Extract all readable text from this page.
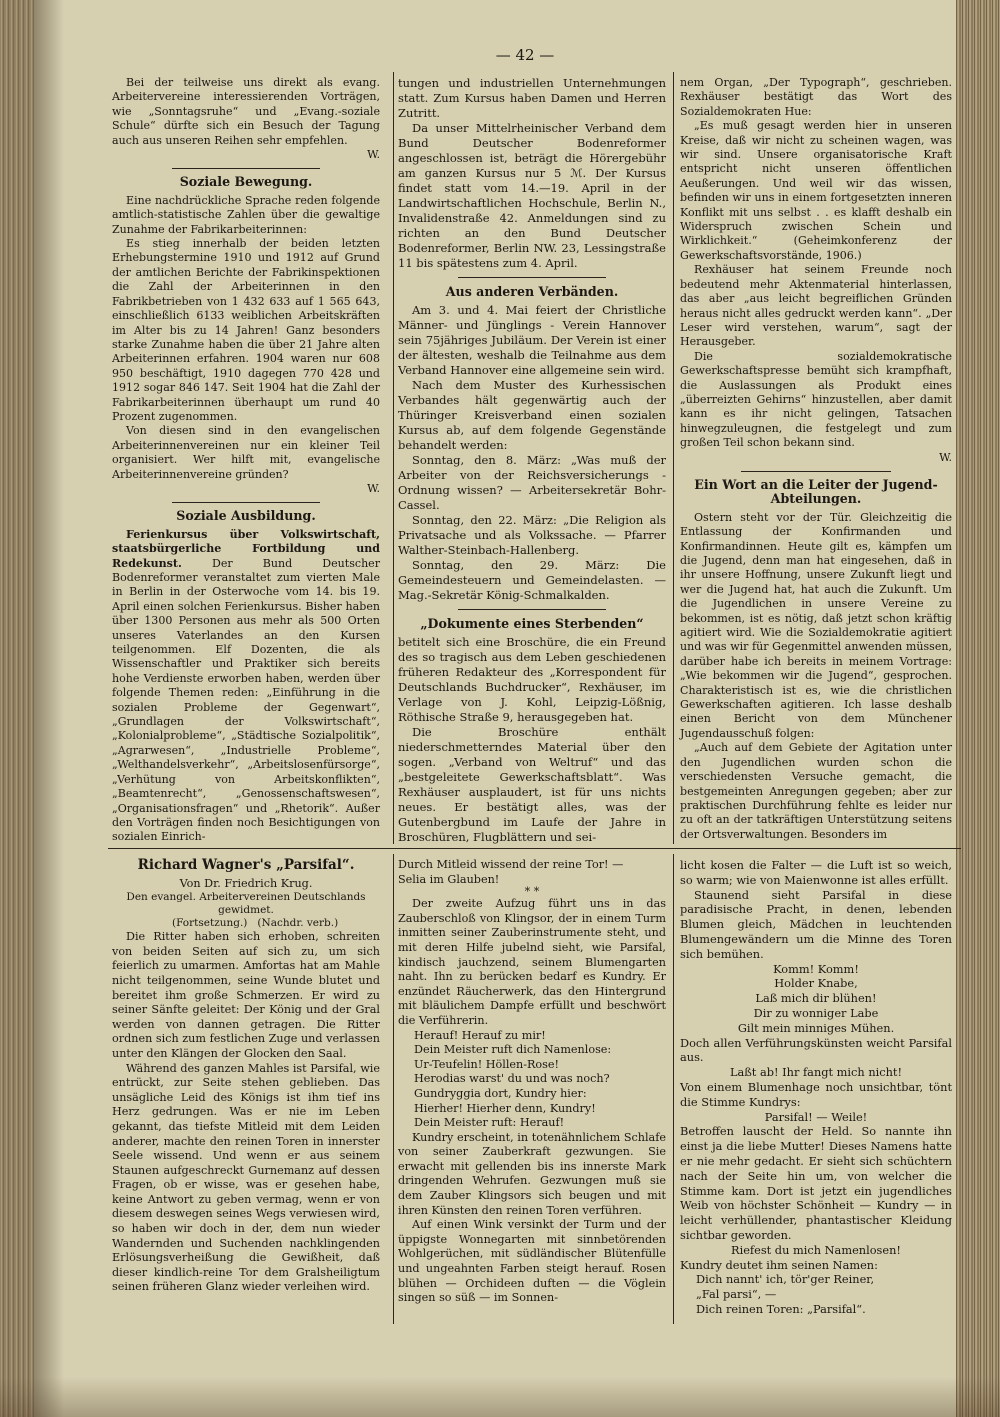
— 42 —

Bei der teilweise uns direkt als evang. Arbeitervereine interessierenden Vorträgen, wie „Sonntagsruhe“ und „Evang.-soziale Schule“ dürfte sich ein Besuch der Tagung auch aus unseren Reihen sehr empfehlen.

W.

Soziale Bewegung.

Eine nachdrückliche Sprache reden folgende amtlich-statistische Zahlen über die gewaltige Zunahme der Fabrikarbeiterinnen:

Es stieg innerhalb der beiden letzten Erhebungstermine 1910 und 1912 auf Grund der amtlichen Berichte der Fabrikinspektionen die Zahl der Arbeiterinnen in den Fabrikbetrieben von 1 432 633 auf 1 565 643, einschließlich 6133 weiblichen Arbeitskräften im Alter bis zu 14 Jahren! Ganz besonders starke Zunahme haben die über 21 Jahre alten Arbeiterinnen erfahren. 1904 waren nur 608 950 beschäftigt, 1910 dagegen 770 428 und 1912 sogar 846 147. Seit 1904 hat die Zahl der Fabrikarbeiterinnen überhaupt um rund 40 Prozent zugenommen.

Von diesen sind in den evangelischen Arbeiterinnenvereinen nur ein kleiner Teil organisiert. Wer hilft mit, evangelische Arbeiterinnenvereine gründen?

W.

Soziale Ausbildung.

Ferienkursus über Volkswirtschaft, staatsbürgerliche Fortbildung und Redekunst.	Der Bund Deutscher Bodenreformer veranstaltet zum vierten Male in Berlin in der Osterwoche vom 14. bis 19. April einen solchen Ferienkursus. Bisher haben über 1300 Personen aus mehr als 500 Orten unseres Vaterlandes an den Kursen teilgenommen. Elf Dozenten, die als Wissenschaftler und Praktiker sich bereits hohe Verdienste erworben haben, werden über folgende Themen reden: „Einführung in die sozialen Probleme der Gegenwart“, „Grundlagen der Volkswirtschaft“, „Kolonialprobleme“, „Städtische Sozialpolitik“, „Agrarwesen“, „Industrielle Probleme“, „Welthandelsverkehr“, „Arbeitslosenfürsorge“, „Verhütung von Arbeitskonflikten“, „Beamtenrecht“, „Genossenschaftswesen“, „Organisationsfragen“ und „Rhetorik“. Außer den Vorträgen finden noch Besichtigungen von sozialen Einrich-

tungen und industriellen Unternehmungen statt. Zum Kursus haben Damen und Herren Zutritt.

Da unser Mittelrheinischer Verband dem Bund Deutscher Bodenreformer angeschlossen ist, beträgt die Hörergebühr am ganzen Kursus nur 5 ℳ. Der Kursus findet statt vom 14.—19. April in der Landwirtschaftlichen Hochschule, Berlin N., Invalidenstraße 42. Anmeldungen sind zu richten an den Bund Deutscher Bodenreformer, Berlin NW. 23, Lessingstraße 11 bis spätestens zum 4. April.

Aus anderen Verbänden.

Am 3. und 4. Mai feiert der Christliche Männer- und Jünglings - Verein Hannover sein 75jähriges Jubiläum. Der Verein ist einer der ältesten, weshalb die Teilnahme aus dem Verband Hannover eine allgemeine sein wird.

Nach dem Muster des Kurhessischen Verbandes hält gegenwärtig auch der Thüringer Kreisverband einen sozialen Kursus ab, auf dem folgende Gegenstände behandelt werden:

Sonntag, den 8. März: „Was muß der Arbeiter von der Reichsversicherungs - Ordnung wissen? — Arbeitersekretär Bohr-Cassel.

Sonntag, den 22. März: „Die Religion als Privatsache und als Volkssache. — Pfarrer Walther-Steinbach-Hallenberg.

Sonntag, den 29. März: Die Gemeindesteuern und Gemeindelasten. — Mag.-Sekretär König-Schmalkalden.

„Dokumente eines Sterbenden“

betitelt sich eine Broschüre, die ein Freund des so tragisch aus dem Leben geschiedenen früheren Redakteur des „Korrespondent für Deutschlands Buchdrucker“, Rexhäuser, im Verlage von J. Kohl, Leipzig-Lößnig, Röthische Straße 9, herausgegeben hat.

Die Broschüre enthält niederschmetterndes Material über den sogen. „Verband von Weltruf“ und das „bestgeleitete Gewerkschaftsblatt“. Was Rexhäuser ausplaudert, ist für uns nichts neues. Er bestätigt alles, was der Gutenbergbund im Laufe der Jahre in Broschüren, Flugblättern und sei-

nem Organ, „Der Typograph“, geschrieben. Rexhäuser bestätigt das Wort des Sozialdemokraten Hue:

„Es muß gesagt werden hier in unseren Kreise, daß wir nicht zu scheinen wagen, was wir sind. Unsere organisatorische Kraft entspricht nicht unseren öffentlichen Aeußerungen. Und weil wir das wissen, befinden wir uns in einem fortgesetzten inneren Konflikt mit uns selbst . . es klafft deshalb ein Widerspruch zwischen Schein und Wirklichkeit.“ (Geheimkonferenz der Gewerkschaftsvorstände, 1906.)

Rexhäuser hat seinem Freunde noch bedeutend mehr Aktenmaterial hinterlassen, das aber „aus leicht begreiflichen Gründen heraus nicht alles gedruckt werden kann“. „Der Leser wird verstehen, warum“, sagt der Herausgeber.

Die sozialdemokratische Gewerkschaftspresse bemüht sich krampfhaft, die Auslassungen als Produkt eines „überreizten Gehirns“ hinzustellen, aber damit kann es ihr nicht gelingen, Tatsachen hinwegzuleugnen, die festgelegt und zum großen Teil schon bekann sind.

W.

Ein Wort an die Leiter der Jugend-Abteilungen.

Ostern steht vor der Tür. Gleichzeitig die Entlassung der Konfirmanden und Konfirmandinnen. Heute gilt es, kämpfen um die Jugend, denn man hat eingesehen, daß in ihr unsere Hoffnung, unsere Zukunft liegt und wer die Jugend hat, hat auch die Zukunft. Um die Jugendlichen in unsere Vereine zu bekommen, ist es nötig, daß jetzt schon kräftig agitiert wird. Wie die Sozialdemokratie agitiert und was wir für Gegenmittel anwenden müssen, darüber habe ich bereits in meinem Vortrage: „Wie bekommen wir die Jugend“, gesprochen. Charakteristisch ist es, wie die christlichen Gewerkschaften agitieren. Ich lasse deshalb einen Bericht von dem Münchener Jugendausschuß folgen:

„Auch auf dem Gebiete der Agitation unter den Jugendlichen wurden schon die verschiedensten Versuche gemacht, die bestgemeinten Anregungen gegeben; aber zur praktischen Durchführung fehlte es leider nur zu oft an der tatkräftigen Unterstützung seitens der Ortsverwaltungen. Besonders im

Richard Wagner's „Parsifal“.

Von Dr. Friedrich Krug.

Den evangel. Arbeitervereinen Deutschlands gewidmet.

(Fortsetzung.) (Nachdr. verb.)

Die Ritter haben sich erhoben, schreiten von beiden Seiten auf sich zu, um sich feierlich zu umarmen. Amfortas hat am Mahle nicht teilgenommen, seine Wunde blutet und bereitet ihm große Schmerzen. Er wird zu seiner Sänfte geleitet: Der König und der Gral werden von dannen getragen. Die Ritter ordnen sich zum festlichen Zuge und verlassen unter den Klängen der Glocken den Saal.

Während des ganzen Mahles ist Parsifal, wie entrückt, zur Seite stehen geblieben. Das unsägliche Leid des Königs ist ihm tief ins Herz gedrungen. Was er nie im Leben gekannt, das tiefste Mitleid mit dem Leiden anderer, machte den reinen Toren in innerster Seele wissend. Und wenn er aus seinem Staunen aufgeschreckt Gurnemanz auf dessen Fragen, ob er wisse, was er gesehen habe, keine Antwort zu geben vermag, wenn er von diesem deswegen seines Wegs verwiesen wird, so haben wir doch in der, dem nun wieder Wandernden und Suchenden nachklingenden Erlösungsverheißung die Gewißheit, daß dieser kindlich-reine Tor dem Gralsheiligtum seinen früheren Glanz wieder verleihen wird.

Durch Mitleid wissend der reine Tor! —

Selia im Glauben!

* *

Der zweite Aufzug führt uns in das Zauberschloß von Klingsor, der in einem Turm inmitten seiner Zauberinstrumente steht, und mit deren Hilfe jubelnd sieht, wie Parsifal, kindisch jauchzend, seinem Blumengarten naht. Ihn zu berücken bedarf es Kundry. Er enzündet Räucherwerk, das den Hintergrund mit bläulichem Dampfe erfüllt und beschwört die Verführerin.

Herauf! Herauf zu mir!

Dein Meister ruft dich Namenlose:

Ur-Teufelin! Höllen-Rose!

Herodias warst' du und was noch?

Gundryggia dort, Kundry hier:

Hierher! Hierher denn, Kundry!

Dein Meister ruft: Herauf!

Kundry erscheint, in totenähnlichem Schlafe von seiner Zauberkraft gezwungen. Sie erwacht mit gellenden bis ins innerste Mark dringenden Wehrufen. Gezwungen muß sie dem Zauber Klingsors sich beugen und mit ihren Künsten den reinen Toren verführen.

Auf einen Wink versinkt der Turm und der üppigste Wonnegarten mit sinnbetörenden Wohlgerüchen, mit südländischer Blütenfülle und ungeahnten Farben steigt herauf. Rosen blühen — Orchideen duften — die Vöglein singen so süß — im Sonnen-

licht kosen die Falter — die Luft ist so weich, so warm; wie von Maienwonne ist alles erfüllt.

Staunend sieht Parsifal in diese paradisische Pracht, in denen, lebenden Blumen gleich, Mädchen in leuchtenden Blumengewändern um die Minne des Toren sich bemühen.

Komm! Komm!

Holder Knabe,

Laß mich dir blühen!

Dir zu wonniger Labe

Gilt mein minniges Mühen.

Doch allen Verführungskünsten weicht Parsifal aus.

Laßt ab! Ihr fangt mich nicht!

Von einem Blumenhage noch unsichtbar, tönt die Stimme Kundrys:

Parsifal! — Weile!

Betroffen lauscht der Held. So nannte ihn einst ja die liebe Mutter! Dieses Namens hatte er nie mehr gedacht. Er sieht sich schüchtern nach der Seite hin um, von welcher die Stimme kam. Dort ist jetzt ein jugendliches Weib von höchster Schönheit — Kundry — in leicht verhüllender, phantastischer Kleidung sichtbar geworden.

Riefest du mich Namenlosen!

Kundry deutet ihm seinen Namen:

Dich nannt' ich, tör'ger Reiner,

„Fal parsi“, —

Dich reinen Toren: „Parsifal“.
